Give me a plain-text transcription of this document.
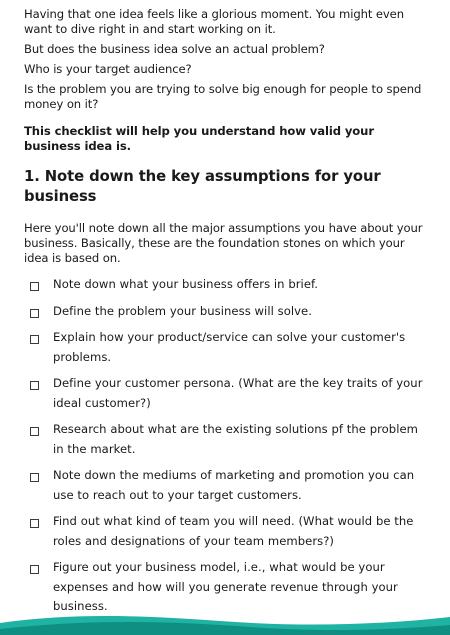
Having that one idea feels like a glorious moment. You might even want to dive right in and start working on it.

But does the business idea solve an actual problem?

Who is your target audience?

Is the problem you are trying to solve big enough for people to spend money on it?

This checklist will help you understand how valid your business idea is.

1. Note down the key assumptions for your business

Here you'll note down all the major assumptions you have about your business. Basically, these are the foundation stones on which your idea is based on.

Note down what your business offers in brief.
Define the problem your business will solve.
Explain how your product/service can solve your customer's problems.
Define your customer persona. (What are the key traits of your ideal customer?)
Research about what are the existing solutions pf the problem in the market.
Note down the mediums of marketing and promotion you can use to reach out to your target customers.
Find out what kind of team you will need. (What would be the roles and designations of your team members?)
Figure out your business model, i.e., what would be your expenses and how will you generate revenue through your business.
